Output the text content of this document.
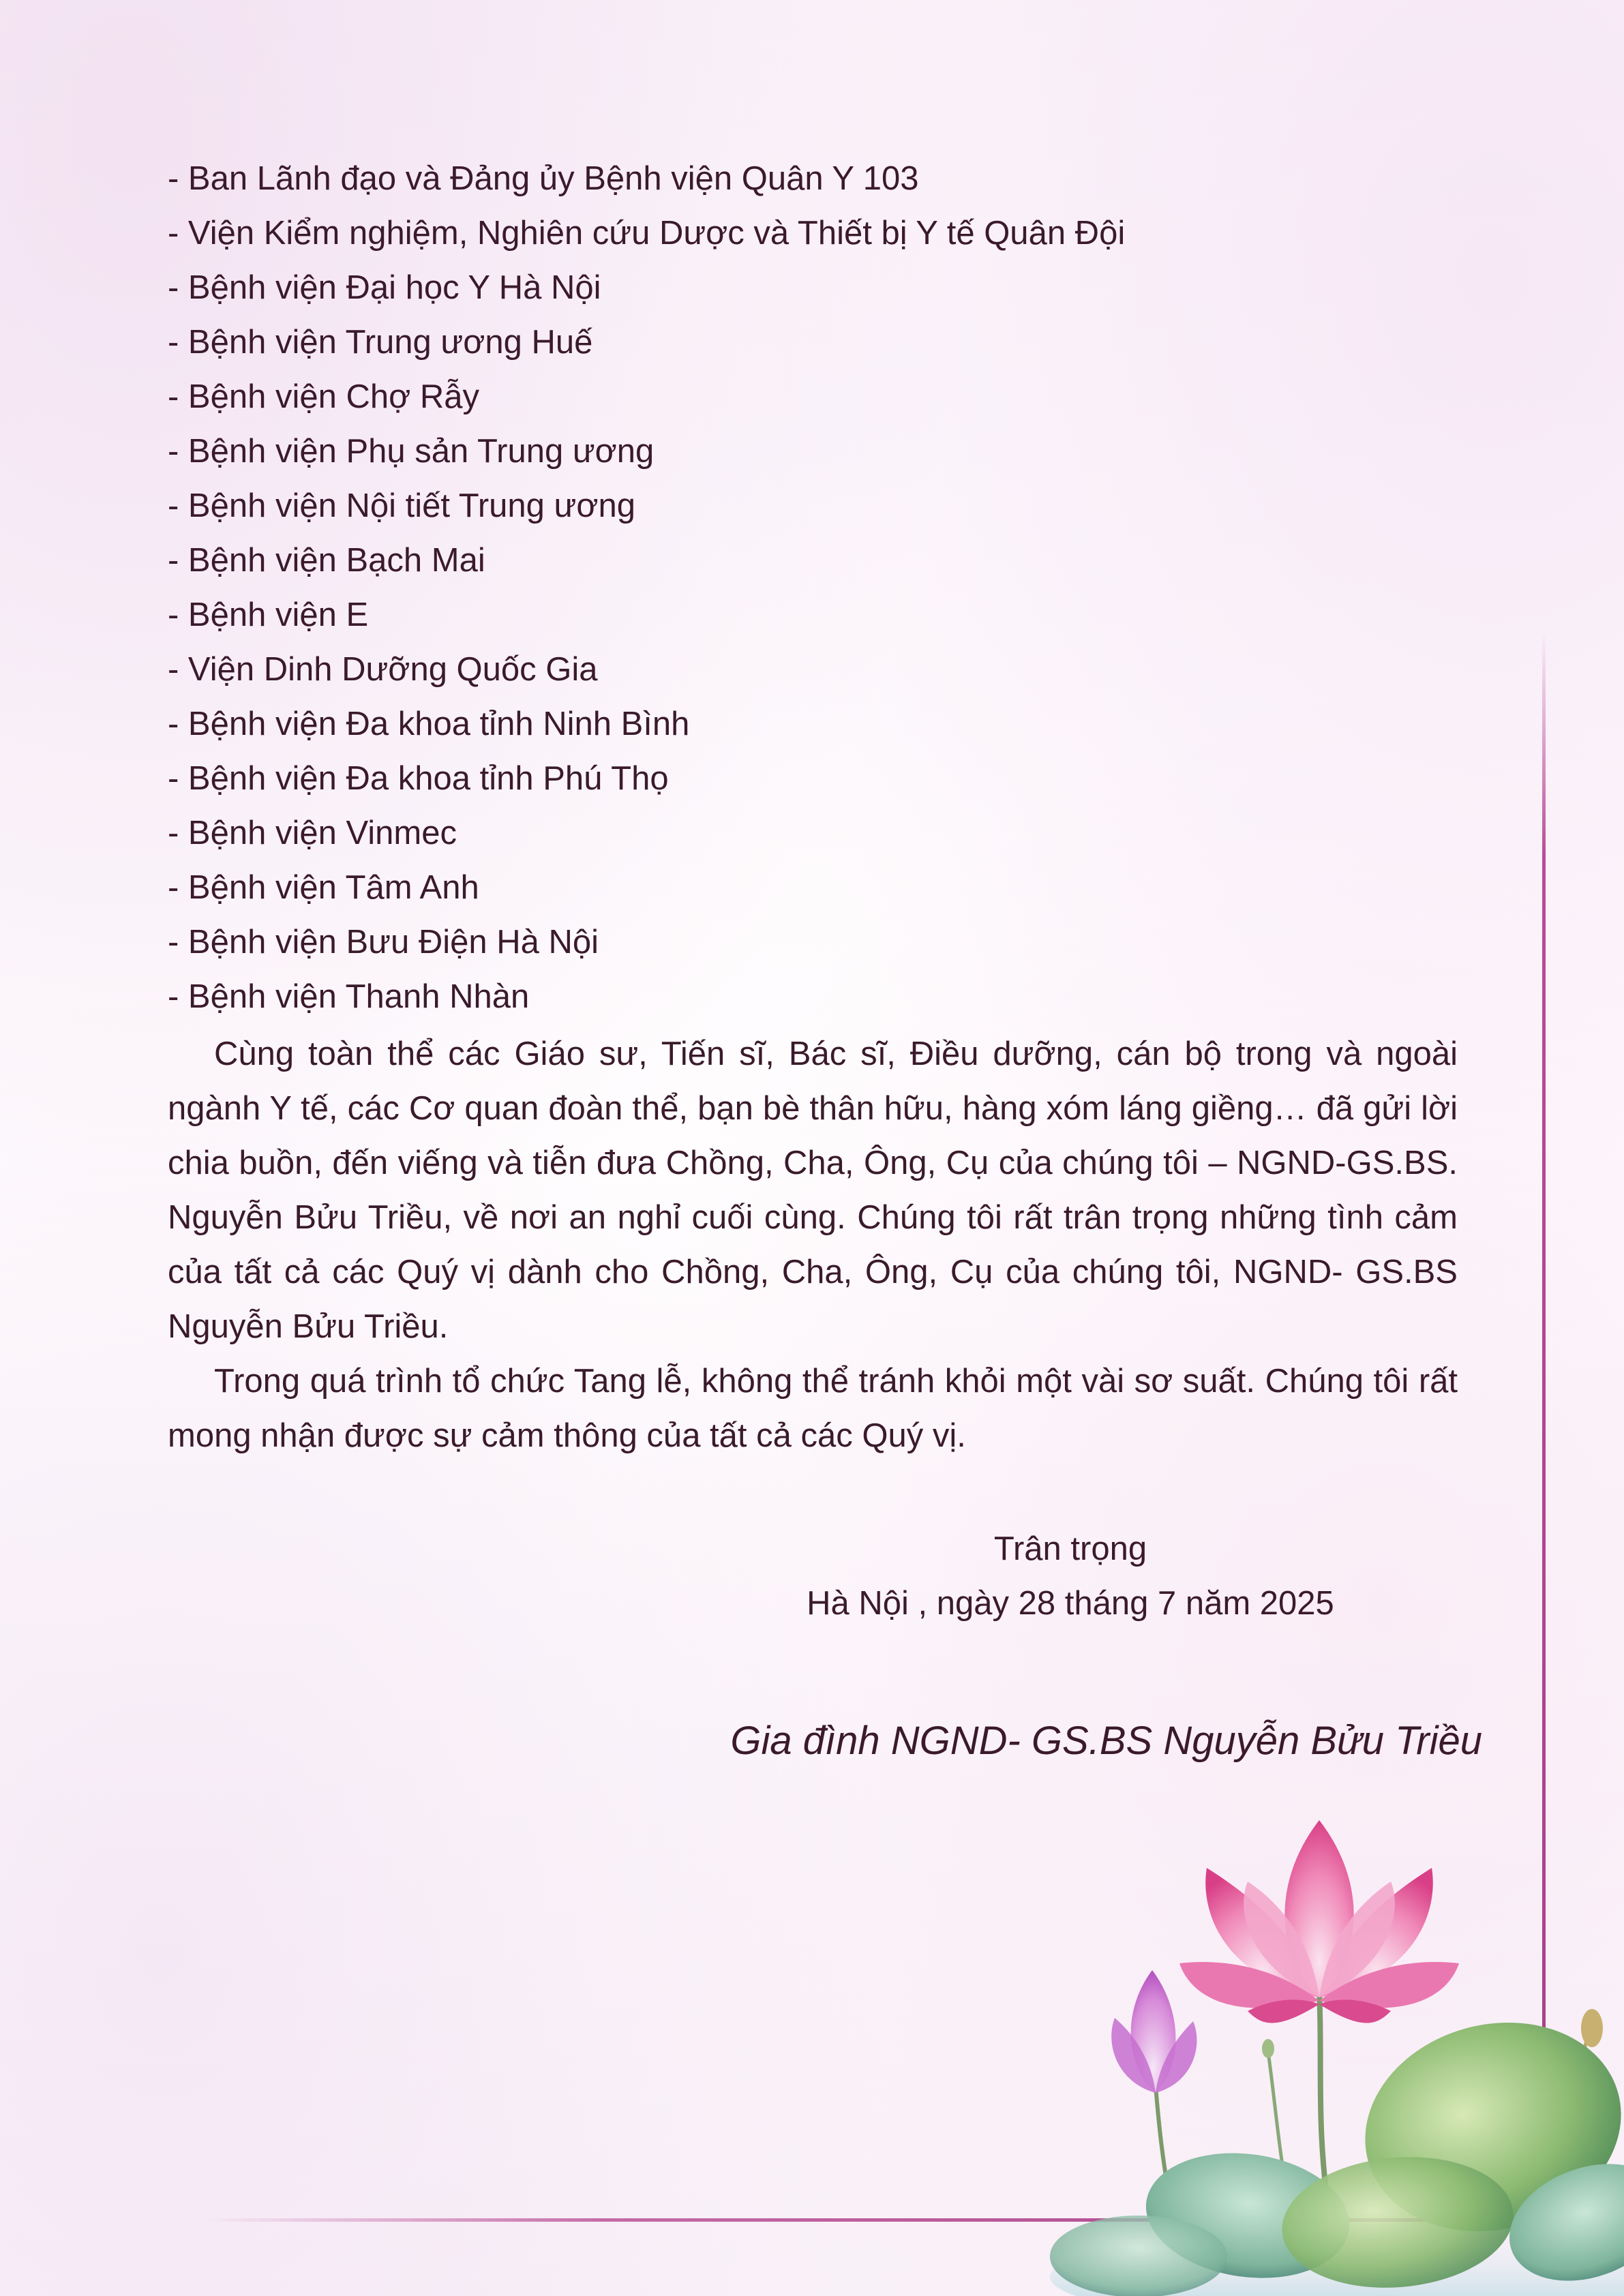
- Ban Lãnh đạo và Đảng ủy Bệnh viện Quân Y 103
- Viện Kiểm nghiệm, Nghiên cứu Dược và Thiết bị Y tế Quân Đội
- Bệnh viện Đại học Y Hà Nội
- Bệnh viện Trung ương Huế
- Bệnh viện Chợ Rẫy
- Bệnh viện Phụ sản Trung ương
- Bệnh viện Nội tiết Trung ương
- Bệnh viện Bạch Mai
- Bệnh viện E
- Viện Dinh Dưỡng Quốc Gia
- Bệnh viện Đa khoa tỉnh Ninh Bình
- Bệnh viện Đa khoa tỉnh Phú Thọ
- Bệnh viện Vinmec
- Bệnh viện Tâm Anh
- Bệnh viện Bưu Điện Hà Nội
- Bệnh viện Thanh Nhàn

Cùng toàn thể các Giáo sư, Tiến sĩ, Bác sĩ, Điều dưỡng, cán bộ trong và ngoài ngành Y tế, các Cơ quan đoàn thể, bạn bè thân hữu, hàng xóm láng giềng… đã gửi lời chia buồn, đến viếng và tiễn đưa Chồng, Cha, Ông, Cụ của chúng tôi – NGND-GS.BS. Nguyễn Bửu Triều, về nơi an nghỉ cuối cùng. Chúng tôi rất trân trọng những tình cảm của tất cả các Quý vị dành cho Chồng, Cha, Ông, Cụ của chúng tôi, NGND- GS.BS Nguyễn Bửu Triều.

Trong quá trình tổ chức Tang lễ, không thể tránh khỏi một vài sơ suất. Chúng tôi rất mong nhận được sự cảm thông của tất cả các Quý vị.

Trân trọng
Hà Nội , ngày 28 tháng 7 năm 2025
Gia đình NGND- GS.BS Nguyễn Bửu Triều
